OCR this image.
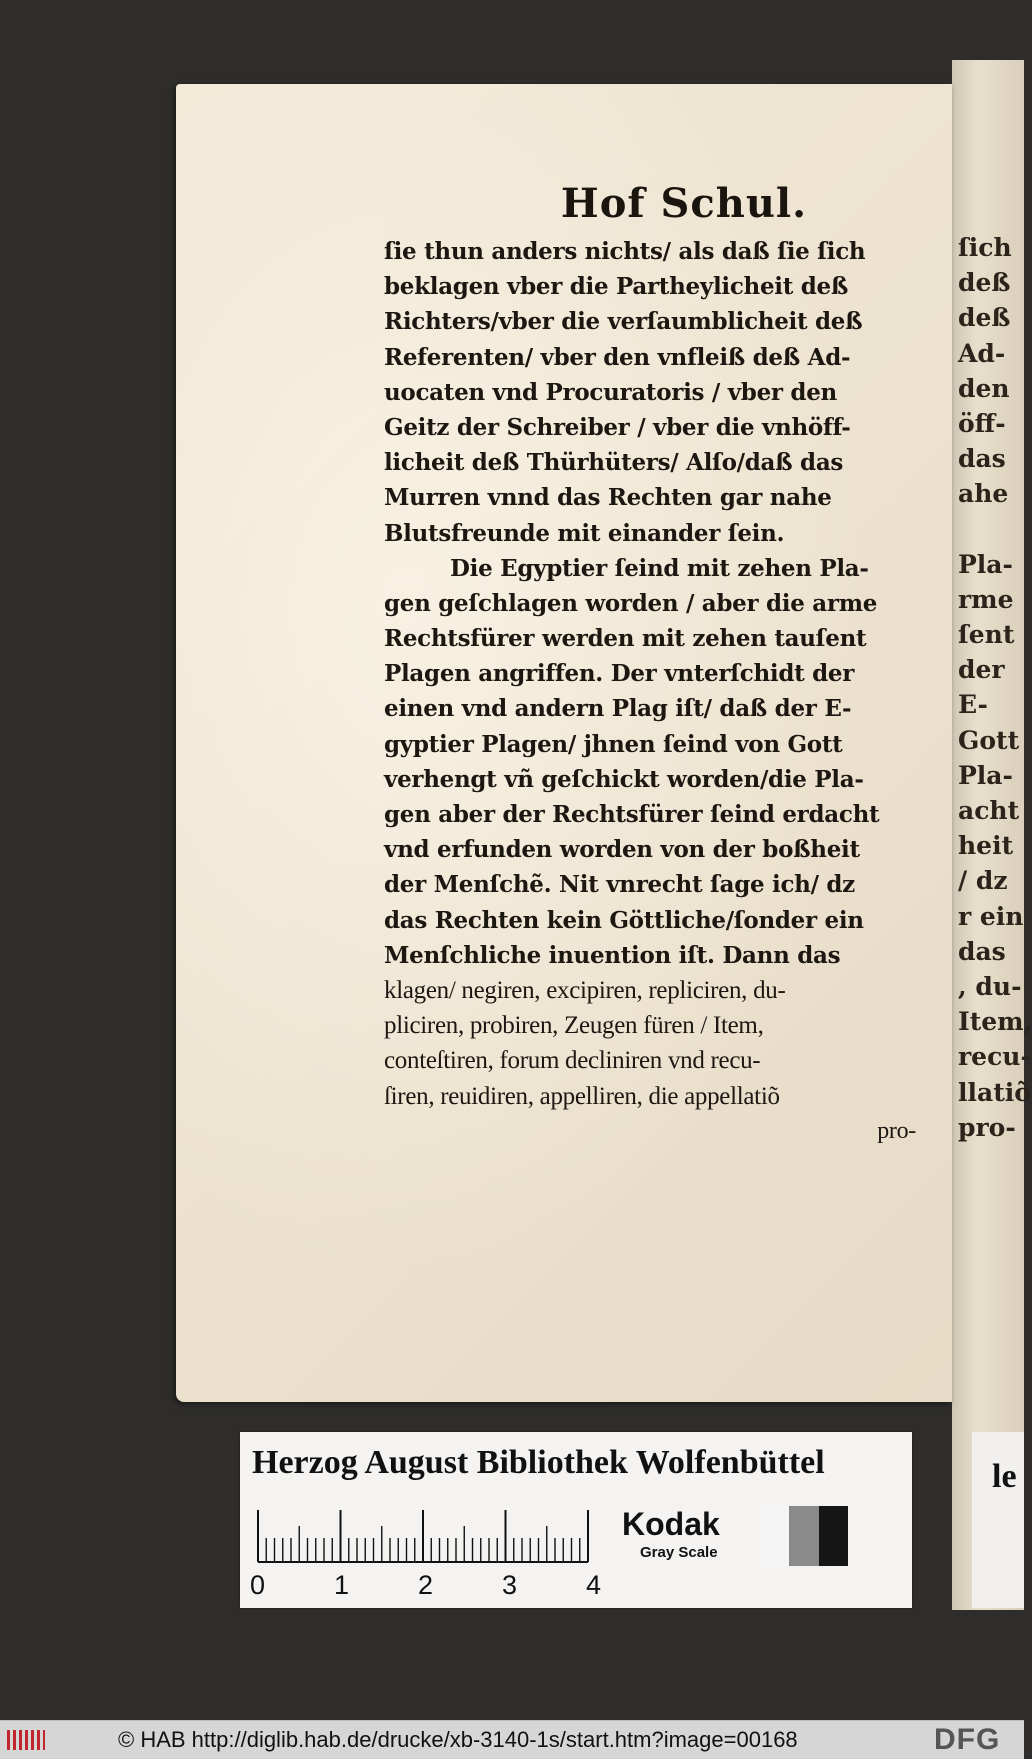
ſich
deß
deß
Ad-
den
öff-
das
ahe
Pla-
rme
ſent
der
E-
Gott
Pla-
acht
heit
/ dz
r ein
das
, du-
Item,
recu-
llatiõ
pro-
Hof Schul.
ſie thun anders nichts/ als daß ſie ſich
beklagen vber die Partheylicheit deß
Richters/vber die verſaumblicheit deß
Referenten/ vber den vnfleiß deß Ad-
uocaten vnd Procuratoris / vber den
Geitz der Schreiber / vber die vnhöff-
licheit deß Thürhüters/ Alſo/daß das
Murren vnnd das Rechten gar nahe
Blutsfreunde mit einander ſein.
Die Egyptier ſeind mit zehen Pla-
gen geſchlagen worden / aber die arme
Rechtsfürer werden mit zehen tauſent
Plagen angriffen. Der vnterſchidt der
einen vnd andern Plag iſt/ daß der E-
gyptier Plagen/ jhnen ſeind von Gott
verhengt vñ geſchickt worden/die Pla-
gen aber der Rechtsfürer ſeind erdacht
vnd erfunden worden von der boßheit
der Menſchẽ. Nit vnrecht ſage ich/ dz
das Rechten kein Göttliche/ſonder ein
Menſchliche inuention iſt. Dann das
klagen/ negiren, excipiren, repliciren, du-
pliciren, probiren, Zeugen füren / Item,
conteſtiren, forum decliniren vnd recu-
ſiren, reuidiren, appelliren, die appellatiõ
pro-
Herzog August Bibliothek Wolfenbüttel
0	1	2	3	4
Kodak
Gray Scale
le
© HAB http://diglib.hab.de/drucke/xb-3140-1s/start.htm?image=00168	DFG
